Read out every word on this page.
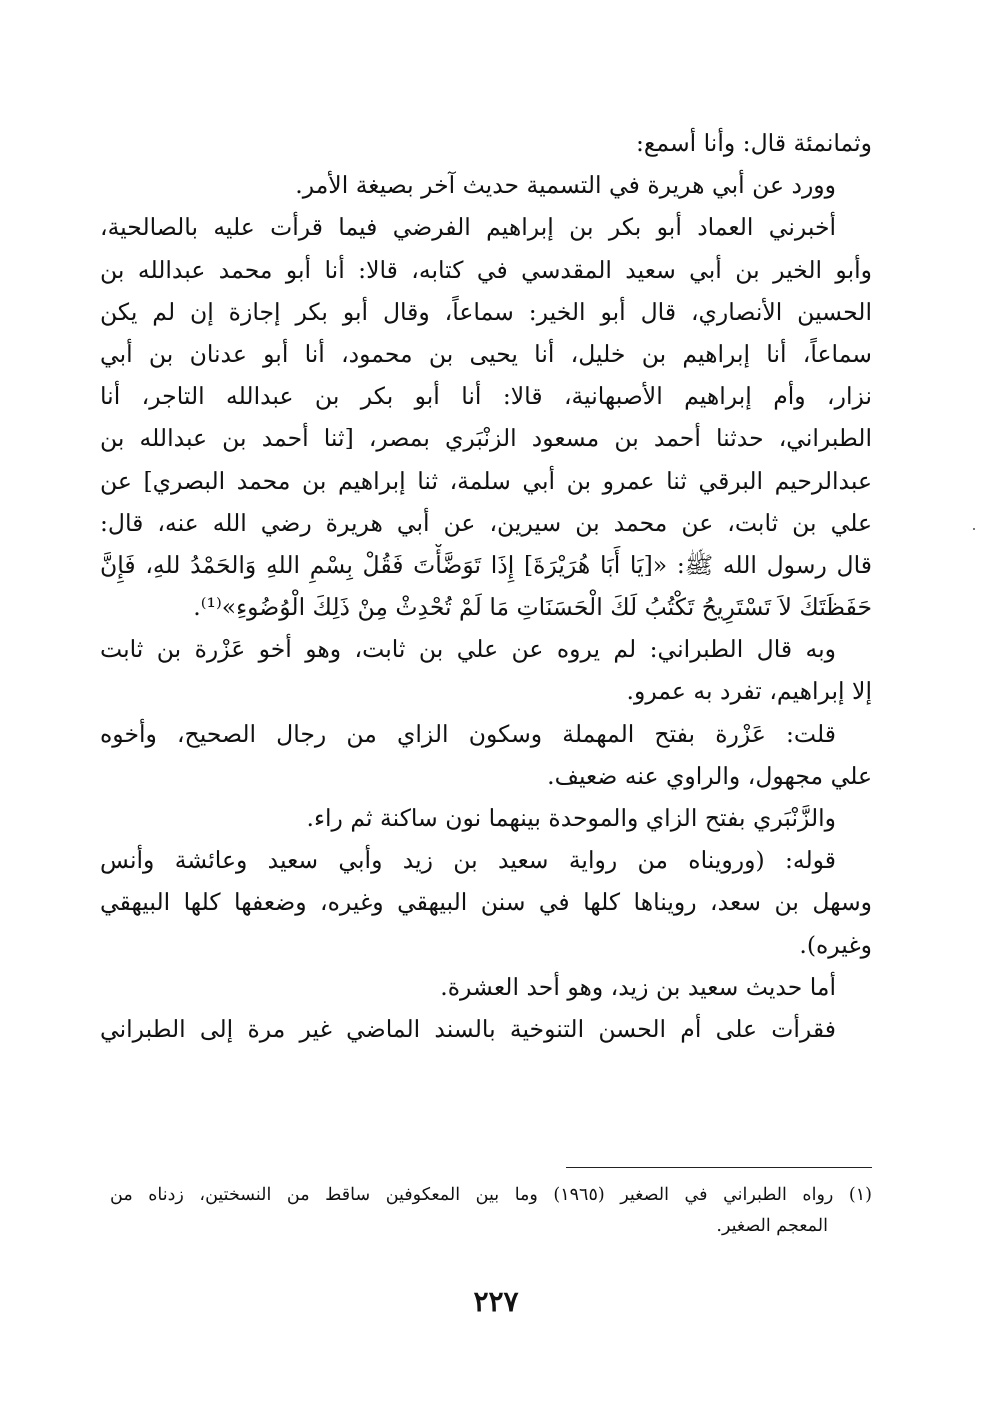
وثمانمئة قال: وأنا أسمع:
وورد عن أبي هريرة في التسمية حديث آخر بصيغة الأمر.
أخبرني العماد أبو بكر بن إبراهيم الفرضي فيما قرأت عليه بالصالحية،
وأبو الخير بن أبي سعيد المقدسي في كتابه، قالا: أنا أبو محمد عبدالله بن
الحسين الأنصاري، قال أبو الخير: سماعاً، وقال أبو بكر إجازة إن لم يكن
سماعاً، أنا إبراهيم بن خليل، أنا يحيى بن محمود، أنا أبو عدنان بن أبي
نزار، وأم إبراهيم الأصبهانية، قالا: أنا أبو بكر بن عبدالله التاجر، أنا
الطبراني، حدثنا أحمد بن مسعود الزنْبَري بمصر، [ثنا أحمد بن عبدالله بن
عبدالرحيم البرقي ثنا عمرو بن أبي سلمة، ثنا إبراهيم بن محمد البصري] عن
علي بن ثابت، عن محمد بن سيرين، عن أبي هريرة رضي الله عنه، قال:
قال رسول الله ﷺ: «[يَا أَبَا هُرَيْرَةَ] إِذَا تَوَضَّأْتَ فَقُلْ بِسْمِ اللهِ وَالحَمْدُ للهِ، فَإِنَّ
حَفَظَتَكَ لاَ تَسْتَرِيحُ تَكْتُبُ لَكَ الْحَسَنَاتِ مَا لَمْ تُحْدِثْ مِنْ ذَلِكَ الْوُضُوءِ»⁽¹⁾.
وبه قال الطبراني: لم يروه عن علي بن ثابت، وهو أخو عَزْرة بن ثابت
إلا إبراهيم، تفرد به عمرو.
قلت: عَزْرة بفتح المهملة وسكون الزاي من رجال الصحيح، وأخوه
علي مجهول، والراوي عنه ضعيف.
والزَّنْبَري بفتح الزاي والموحدة بينهما نون ساكنة ثم راء.
قوله: (ورويناه من رواية سعيد بن زيد وأبي سعيد وعائشة وأنس
وسهل بن سعد، رويناها كلها في سنن البيهقي وغيره، وضعفها كلها البيهقي
وغيره).
أما حديث سعيد بن زيد، وهو أحد العشرة.
فقرأت على أم الحسن التنوخية بالسند الماضي غير مرة إلى الطبراني
(١) رواه الطبراني في الصغير (١٩٦٥) وما بين المعكوفين ساقط من النسختين، زدناه من
المعجم الصغير.
٢٢٧
